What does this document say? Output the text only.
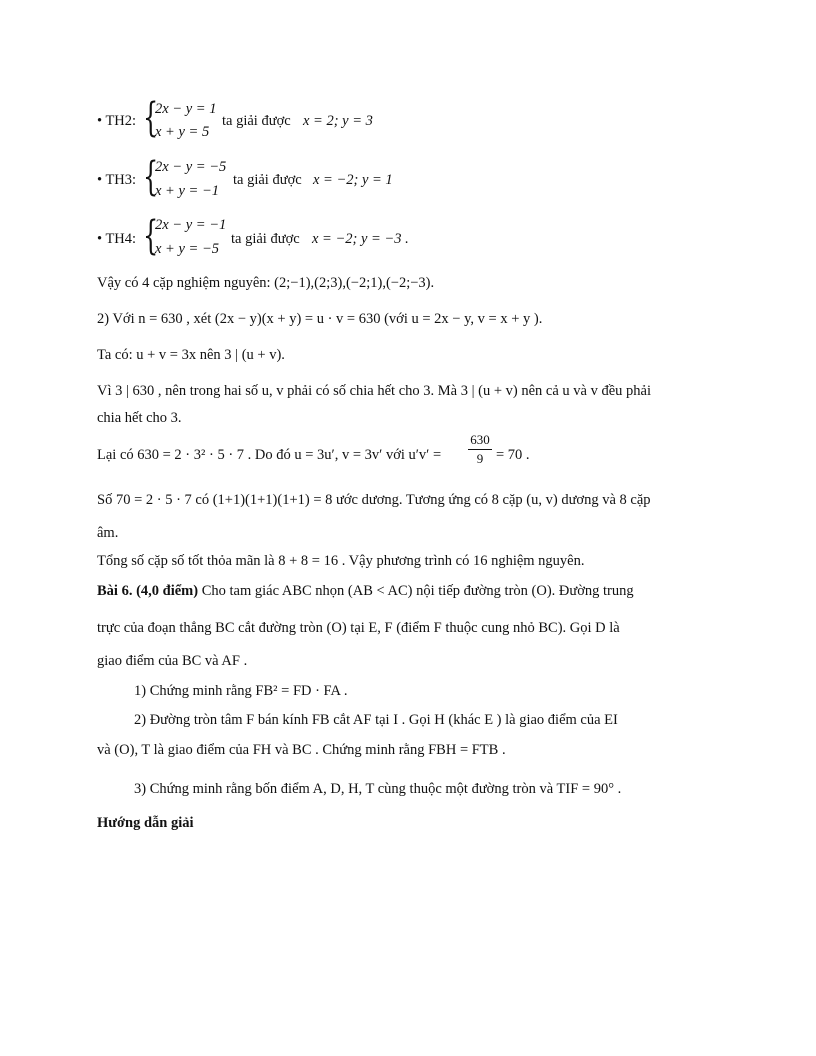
• TH2: {
2x − y = 1
x + y = 5
ta giải được x = 2; y = 3
• TH3: {
2x − y = −5
x + y = −1
ta giải được x = −2; y = 1
• TH4: {
2x − y = −1
x + y = −5
ta giải được x = −2; y = −3 .
Vậy có 4 cặp nghiệm nguyên: (2;−1),(2;3),(−2;1),(−2;−3).
2) Với n = 630 , xét (2x − y)(x + y) = u · v = 630 (với u = 2x − y, v = x + y ).
Ta có: u + v = 3x nên 3 | (u + v).
Vì 3 | 630 , nên trong hai số u, v phải có số chia hết cho 3. Mà 3 | (u + v) nên cả u và v đều phải
chia hết cho 3.
Lại có 630 = 2 · 3² · 5 · 7 . Do đó u = 3u′, v = 3v′ với u′v′ =
630
9 = 70 .
Số 70 = 2 · 5 · 7 có (1+1)(1+1)(1+1) = 8 ước dương. Tương ứng có 8 cặp (u, v) dương và 8 cặp
âm.
Tổng số cặp số tốt thỏa mãn là 8 + 8 = 16 . Vậy phương trình có 16 nghiệm nguyên.
Bài 6. (4,0 điểm) Cho tam giác ABC nhọn (AB < AC) nội tiếp đường tròn (O). Đường trung
trực của đoạn thẳng BC cắt đường tròn (O) tại E, F (điểm F thuộc cung nhỏ BC). Gọi D là
giao điểm của BC và AF .
1) Chứng minh rằng FB² = FD · FA .
2) Đường tròn tâm F bán kính FB cắt AF tại I . Gọi H (khác E ) là giao điểm của EI
và (O), T là giao điểm của FH và BC . Chứng minh rằng FBH = FTB .
3) Chứng minh rằng bốn điểm A, D, H, T cùng thuộc một đường tròn và TIF = 90° .
Hướng dẫn giải
